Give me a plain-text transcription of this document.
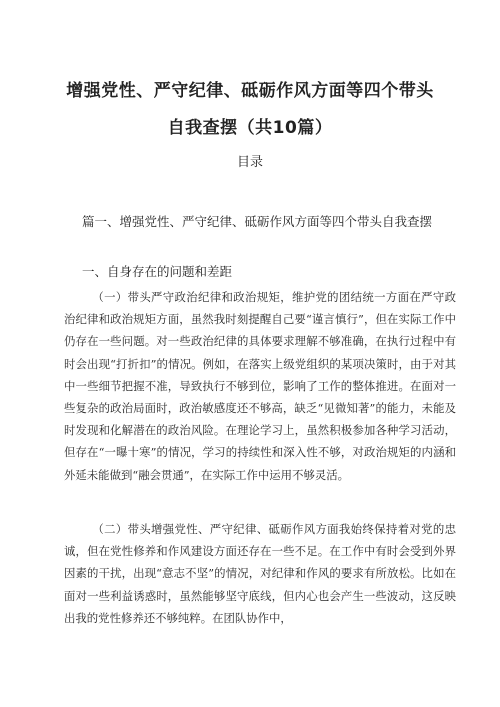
增强党性、严守纪律、砥砺作风方面等四个带头
自我查摆（共10篇）
目录
篇一、增强党性、严守纪律、砥砺作风方面等四个带头自我查摆
一、自身存在的问题和差距

（一）带头严守政治纪律和政治规矩，维护党的团结统一方面在严守政治纪律和政治规矩方面，虽然我时刻提醒自己要“谨言慎行”，但在实际工作中仍存在一些问题。对一些政治纪律的具体要求理解不够准确，在执行过程中有时会出现“打折扣”的情况。例如，在落实上级党组织的某项决策时，由于对其中一些细节把握不准，导致执行不够到位，影响了工作的整体推进。在面对一些复杂的政治局面时，政治敏感度还不够高，缺乏“见微知著”的能力，未能及时发现和化解潜在的政治风险。在理论学习上，虽然积极参加各种学习活动，但存在“一曝十寒”的情况，学习的持续性和深入性不够，对政治规矩的内涵和外延未能做到“融会贯通”，在实际工作中运用不够灵活。

（二）带头增强党性、严守纪律、砥砺作风方面我始终保持着对党的忠诚，但在党性修养和作风建设方面还存在一些不足。在工作中有时会受到外界因素的干扰，出现“意志不坚”的情况，对纪律和作风的要求有所放松。比如在面对一些利益诱惑时，虽然能够坚守底线，但内心也会产生一些波动，这反映出我的党性修养还不够纯粹。在团队协作中，
